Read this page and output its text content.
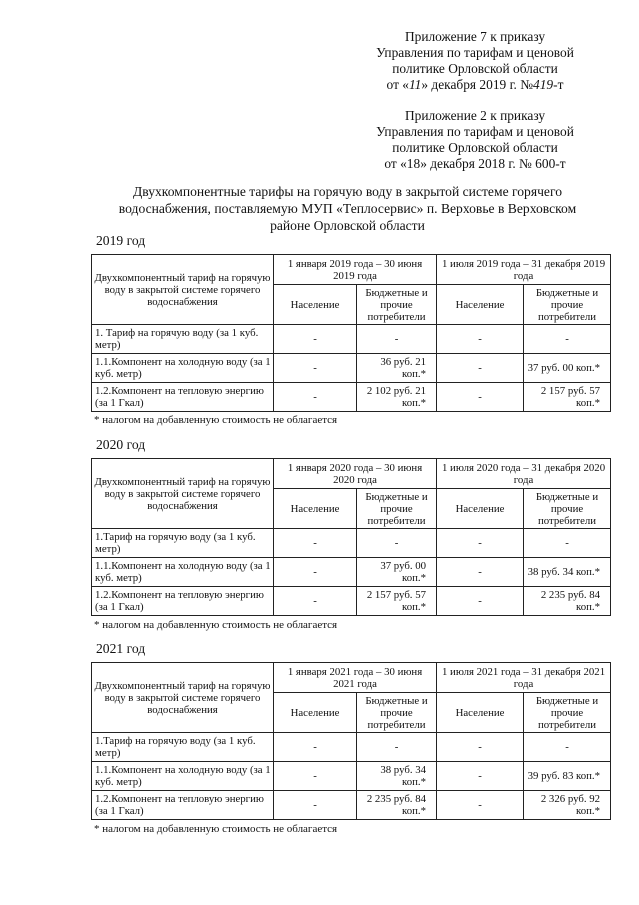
Приложение 7 к приказу
Управления по тарифам и ценовой
политике Орловской области
от «11» декабря 2019 г. №419-т
Приложение 2 к приказу
Управления по тарифам и ценовой
политике Орловской области
от «18» декабря 2018 г. № 600-т
Двухкомпонентные тарифы на горячую воду в закрытой системе горячего
водоснабжения, поставляемую МУП «Теплосервис» п. Верховье в Верховском
районе Орловской области
2019 год
Двухкомпонентный тариф на горячую воду в закрытой системе горячего водоснабжения	1 января 2019 года – 30 июня 2019 года		1 июля 2019 года – 31 декабря 2019 года	
	Население	Бюджетные и прочие потребители	Население	Бюджетные и прочие потребители
1. Тариф на горячую воду (за 1 куб. метр)	-	-	-	-
1.1.Компонент на холодную воду (за 1 куб. метр)	-	36 руб. 21 коп.*	-	37 руб. 00 коп.*
1.2.Компонент на тепловую энергию (за 1 Гкал)	-	2 102 руб. 21 коп.*	-	2 157 руб. 57 коп.*
* налогом на добавленную стоимость не облагается
2020 год
Двухкомпонентный тариф на горячую воду в закрытой системе горячего водоснабжения	1 января 2020 года – 30 июня 2020 года		1 июля 2020 года – 31 декабря 2020 года	
	Население	Бюджетные и прочие потребители	Население	Бюджетные и прочие потребители
1.Тариф на горячую воду (за 1 куб. метр)	-	-	-	-
1.1.Компонент на холодную воду (за 1 куб. метр)	-	37 руб. 00 коп.*	-	38 руб. 34 коп.*
1.2.Компонент на тепловую энергию (за 1 Гкал)	-	2 157 руб. 57 коп.*	-	2 235 руб. 84 коп.*
* налогом на добавленную стоимость не облагается
2021 год
Двухкомпонентный тариф на горячую воду в закрытой системе горячего водоснабжения	1 января 2021 года – 30 июня 2021 года		1 июля 2021 года – 31 декабря 2021 года	
	Население	Бюджетные и прочие потребители	Население	Бюджетные и прочие потребители
1.Тариф на горячую воду (за 1 куб. метр)	-	-	-	-
1.1.Компонент на холодную воду (за 1 куб. метр)	-	38 руб. 34 коп.*	-	39 руб. 83 коп.*
1.2.Компонент на тепловую энергию (за 1 Гкал)	-	2 235 руб. 84 коп.*	-	2 326 руб. 92 коп.*
* налогом на добавленную стоимость не облагается
